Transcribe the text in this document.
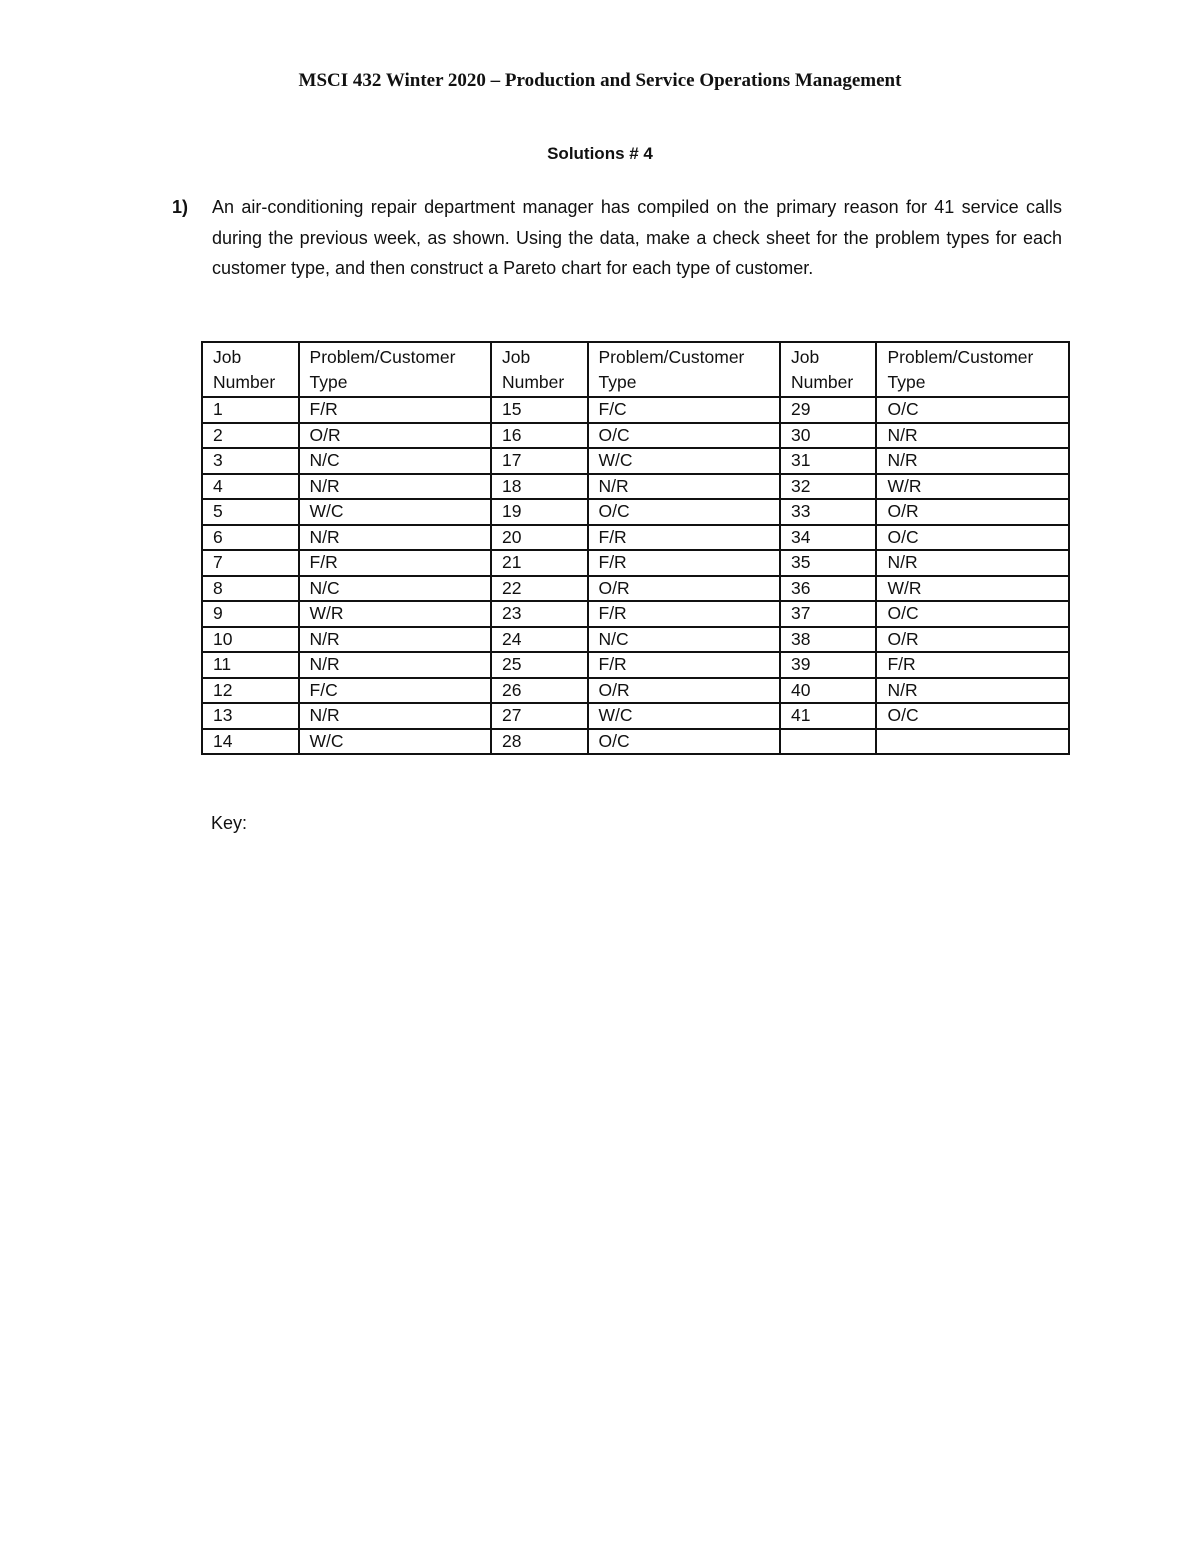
MSCI 432 Winter 2020 – Production and Service Operations Management
Solutions # 4
1) An air-conditioning repair department manager has compiled on the primary reason for 41 service calls during the previous week, as shown. Using the data, make a check sheet for the problem types for each customer type, and then construct a Pareto chart for each type of customer.
Job Number	Problem/Customer Type	Job Number	Problem/Customer Type	Job Number	Problem/Customer Type
1	F/R	15	F/C	29	O/C
2	O/R	16	O/C	30	N/R
3	N/C	17	W/C	31	N/R
4	N/R	18	N/R	32	W/R
5	W/C	19	O/C	33	O/R
6	N/R	20	F/R	34	O/C
7	F/R	21	F/R	35	N/R
8	N/C	22	O/R	36	W/R
9	W/R	23	F/R	37	O/C
10	N/R	24	N/C	38	O/R
11	N/R	25	F/R	39	F/R
12	F/C	26	O/R	40	N/R
13	N/R	27	W/C	41	O/C
14	W/C	28	O/C		
Key:
